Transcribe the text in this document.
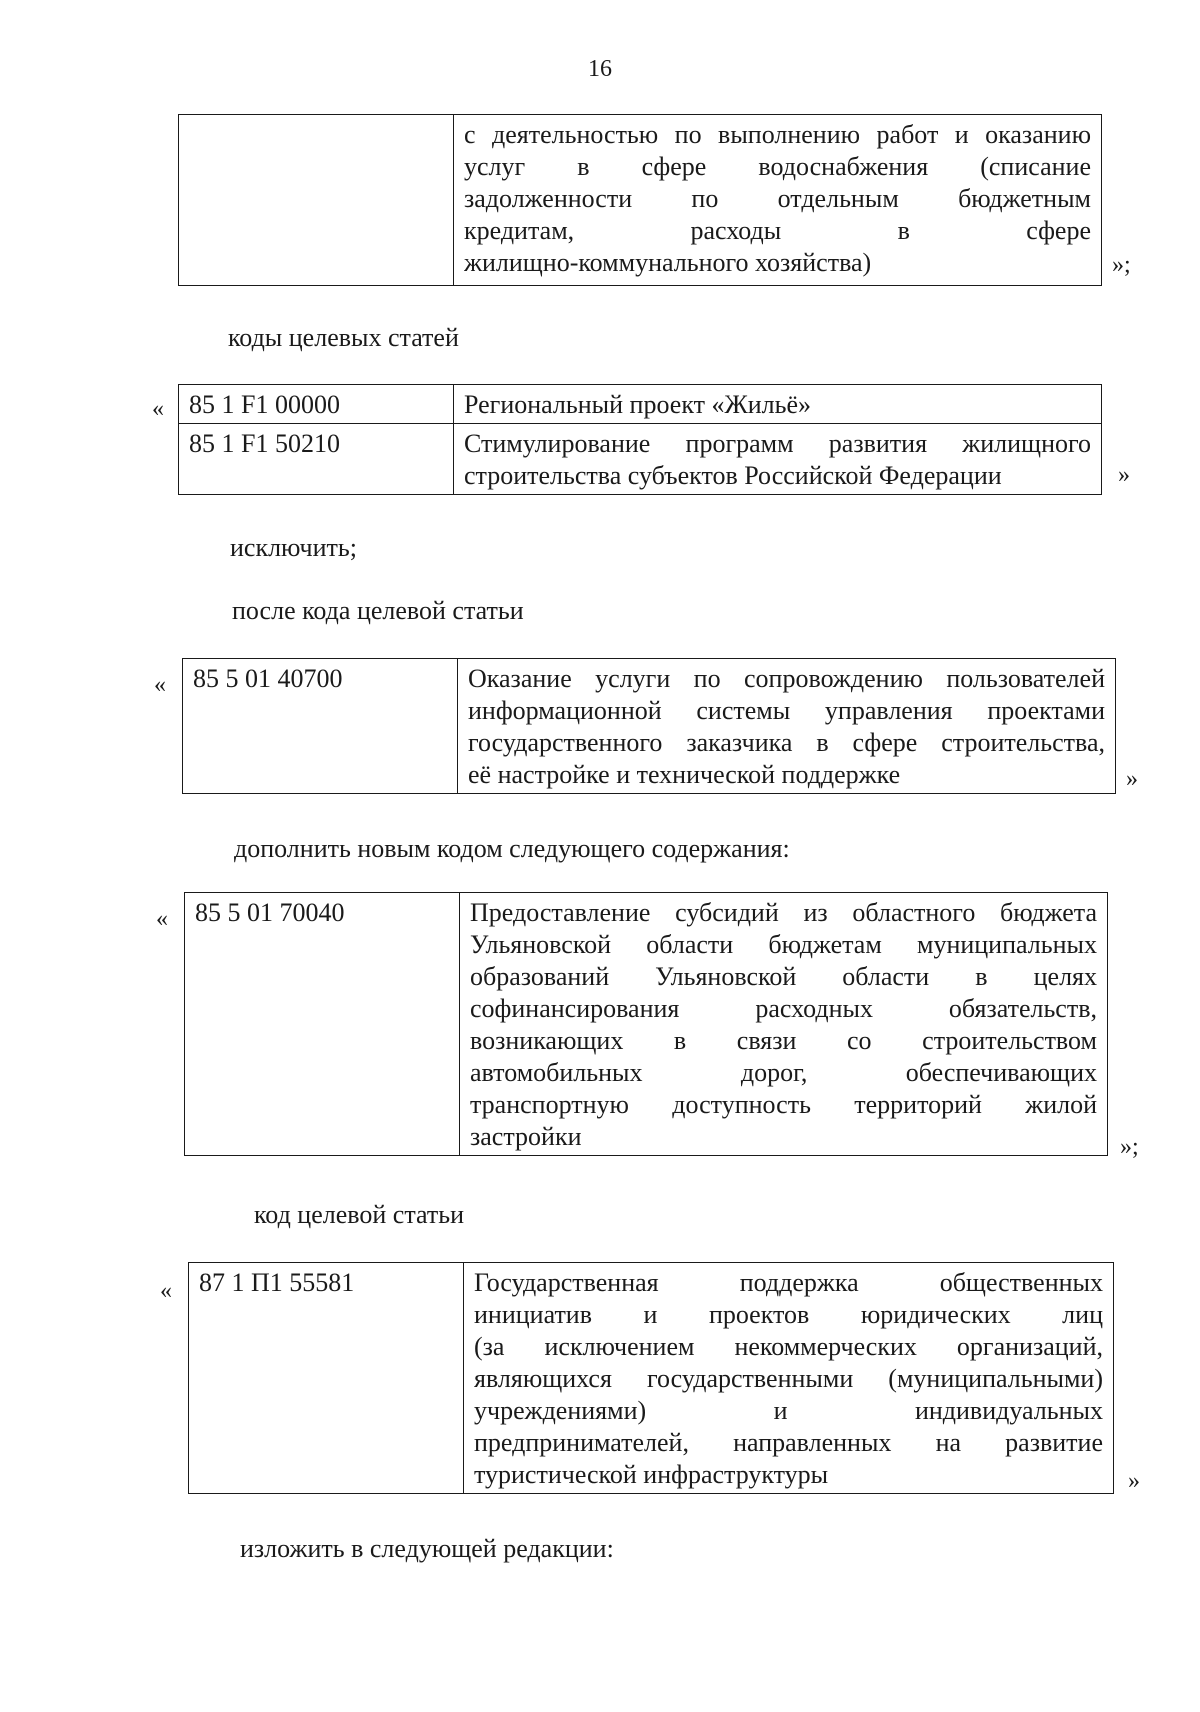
16

с деятельностью по выполнению работ и оказанию
услуг в сфере водоснабжения (списание
задолженности по отдельным бюджетным
кредитам, расходы в сфере
жилищно-коммунального хозяйства)	»;
коды целевых статей
« 85 1 F1 00000	Региональный проект «Жильё»

85 1 F1 50210	Стимулирование программ развития жилищного
строительства субъектов Российской Федерации	»
исключить;
после кода целевой статьи
« 85 5 01 40700	Оказание услуги по сопровождению пользователей
информационной системы управления проектами
государственного заказчика в сфере строительства,
её настройке и технической поддержке	»
дополнить новым кодом следующего содержания:
« 85 5 01 70040	Предоставление субсидий из областного бюджета
Ульяновской области бюджетам муниципальных
образований Ульяновской области в целях
софинансирования расходных обязательств,
возникающих в связи со строительством
автомобильных дорог, обеспечивающих
транспортную доступность территорий жилой
застройки	»;
код целевой статьи
« 87 1 П1 55581	Государственная поддержка общественных
инициатив и проектов юридических лиц
(за исключением некоммерческих организаций,
являющихся государственными (муниципальными)
учреждениями) и индивидуальных
предпринимателей, направленных на развитие
туристической инфраструктуры	»
изложить в следующей редакции:
